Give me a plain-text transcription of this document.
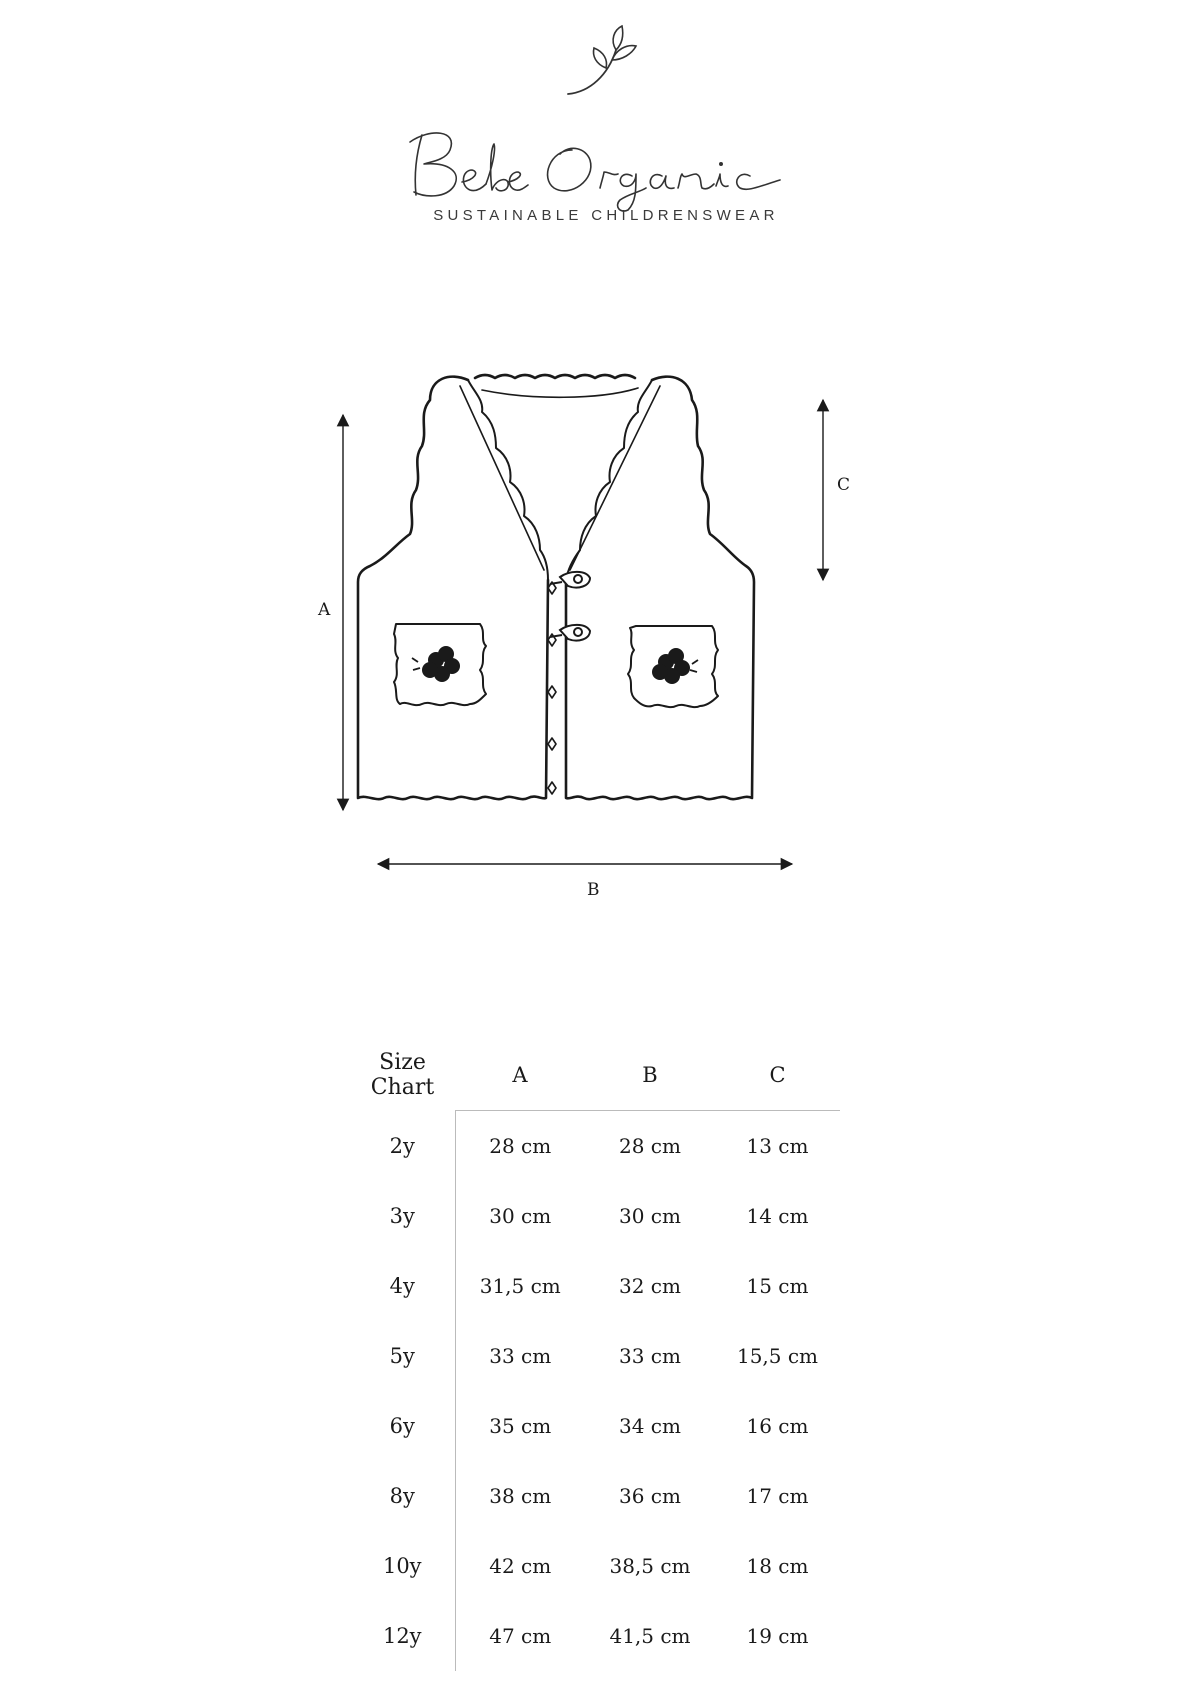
SUSTAINABLE CHILDRENSWEAR
A
C
B
Size
Chart	A	B	C
2y	28 cm	28 cm	13 cm
3y	30 cm	30 cm	14 cm
4y	31,5 cm	32 cm	15 cm
5y	33 cm	33 cm	15,5 cm
6y	35 cm	34 cm	16 cm
8y	38 cm	36 cm	17 cm
10y	42 cm	38,5 cm	18 cm
12y	47 cm	41,5 cm	19 cm
